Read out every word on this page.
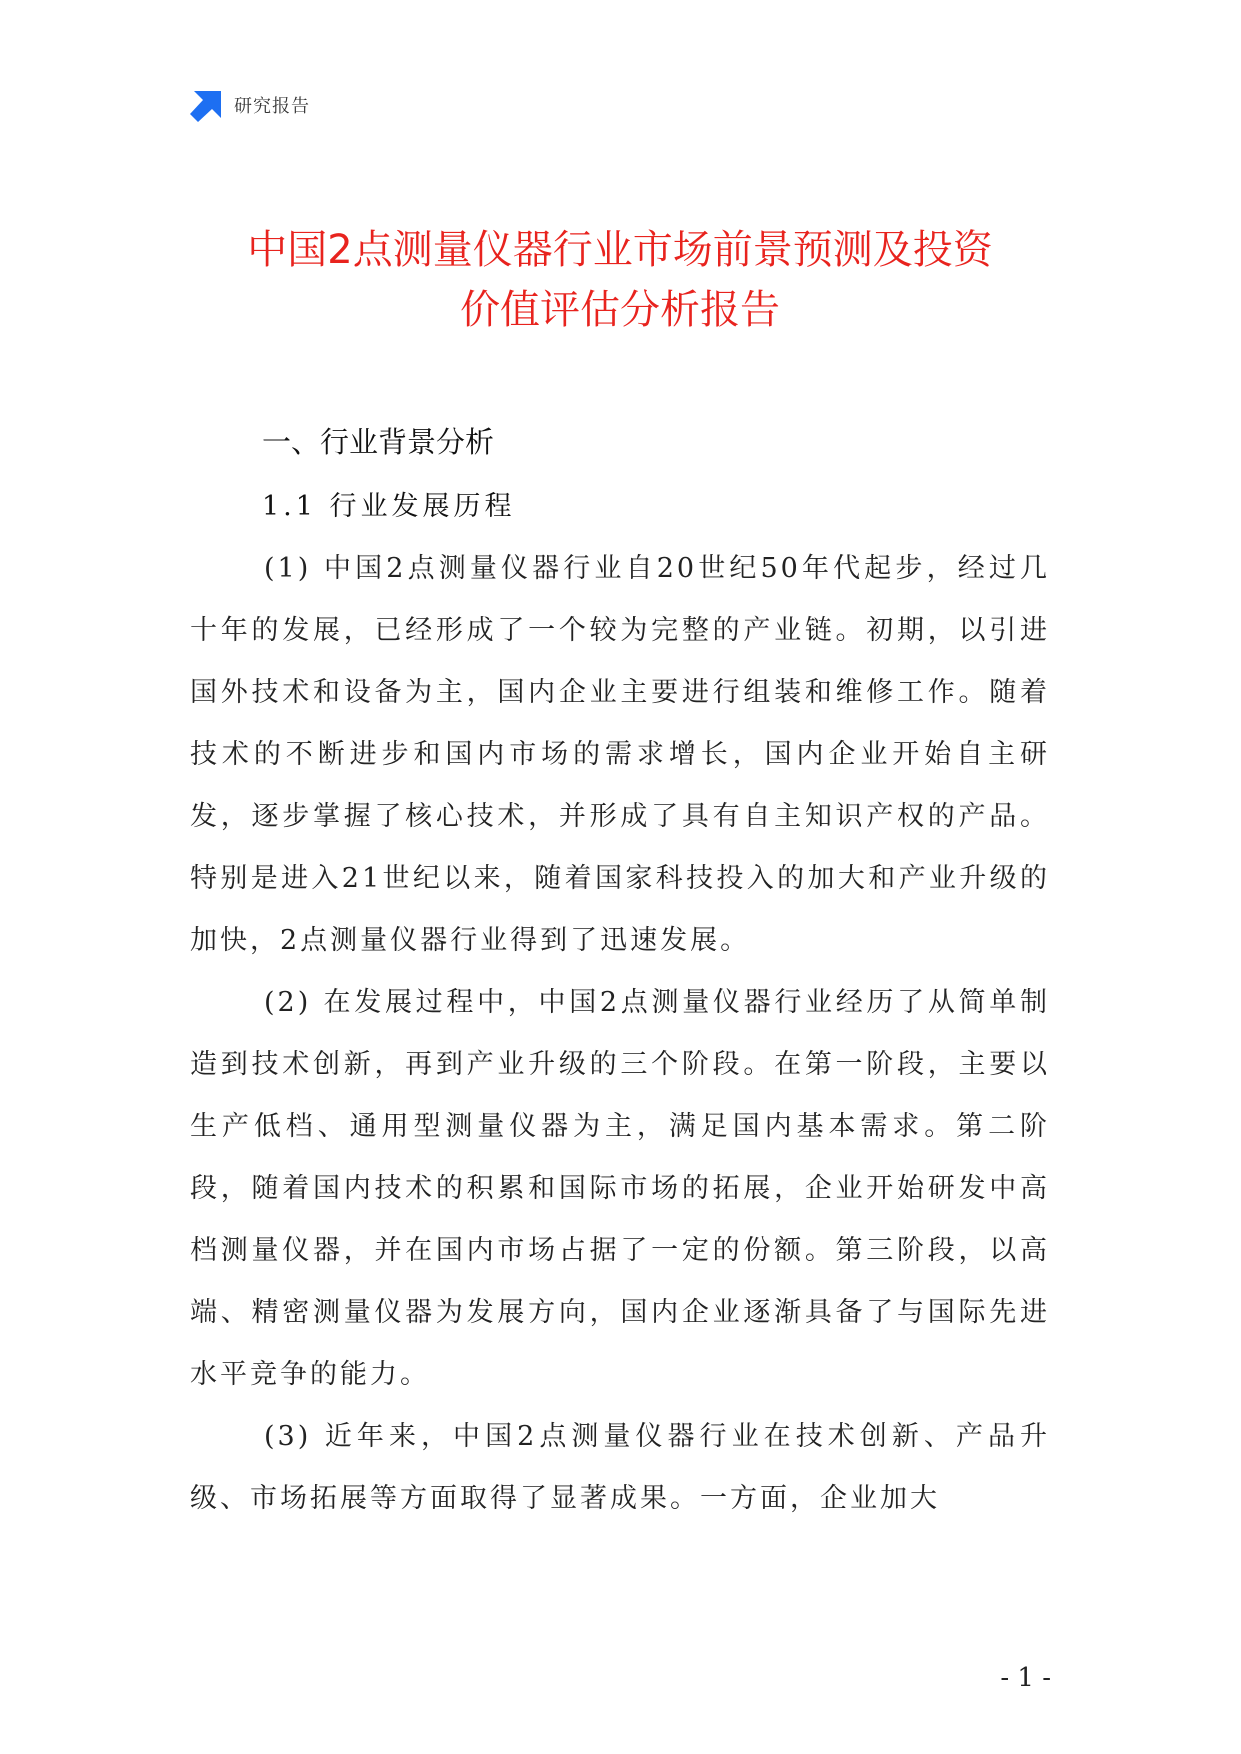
研究报告
中国2点测量仪器行业市场前景预测及投资
价值评估分析报告
一、行业背景分析
1.1 行业发展历程

(1) 中国2点测量仪器行业自20世纪50年代起步，经过几十年的发展，已经形成了一个较为完整的产业链。初期，以引进国外技术和设备为主，国内企业主要进行组装和维修工作。随着技术的不断进步和国内市场的需求增长，国内企业开始自主研发，逐步掌握了核心技术，并形成了具有自主知识产权的产品。特别是进入21世纪以来，随着国家科技投入的加大和产业升级的加快，2点测量仪器行业得到了迅速发展。

(2) 在发展过程中，中国2点测量仪器行业经历了从简单制造到技术创新，再到产业升级的三个阶段。在第一阶段，主要以生产低档、通用型测量仪器为主，满足国内基本需求。第二阶段，随着国内技术的积累和国际市场的拓展，企业开始研发中高档测量仪器，并在国内市场占据了一定的份额。第三阶段，以高端、精密测量仪器为发展方向，国内企业逐渐具备了与国际先进水平竞争的能力。

(3) 近年来，中国2点测量仪器行业在技术创新、产品升级、市场拓展等方面取得了显著成果。一方面，企业加大

- 1 -
